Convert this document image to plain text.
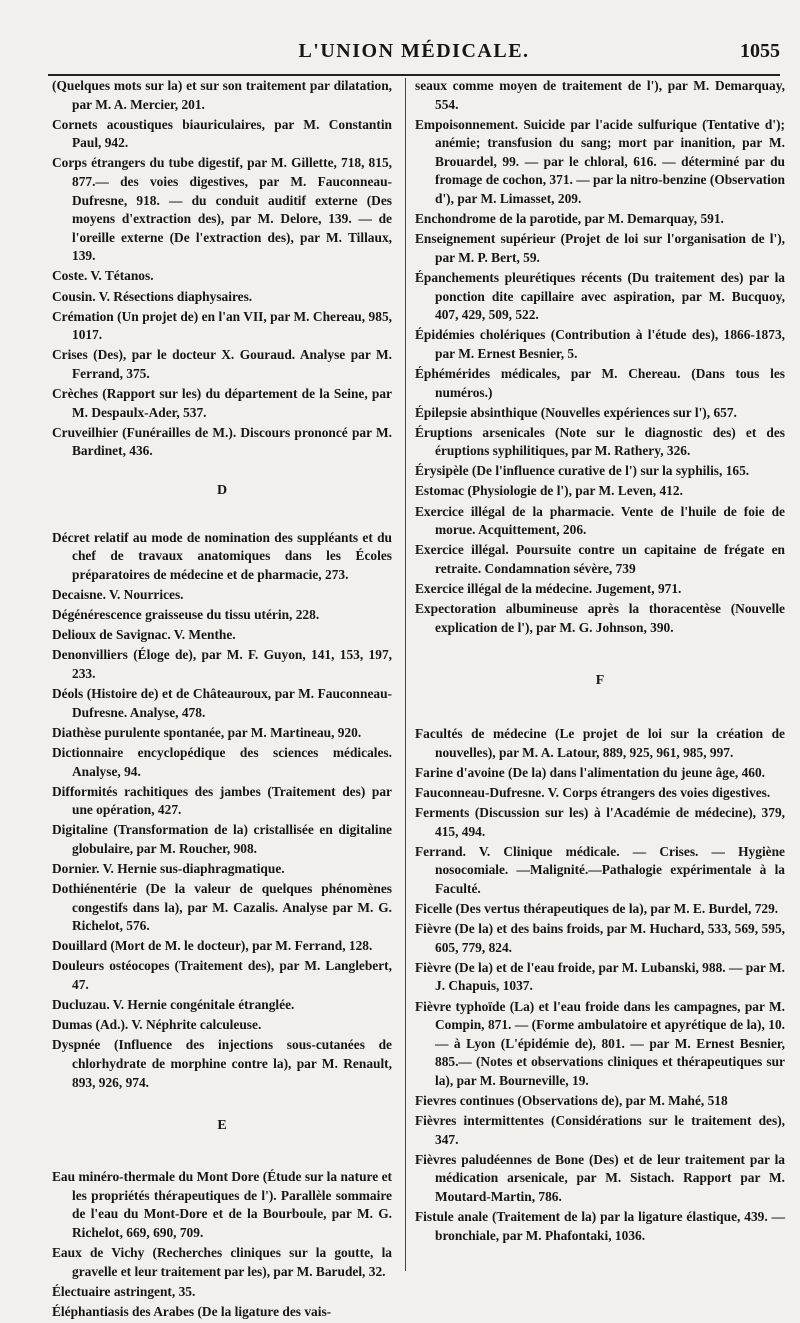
L'UNION MÉDICALE.	1055

(Quelques mots sur la) et sur son traitement par dilatation, par M. A. Mercier, 201.

Cornets acoustiques biauriculaires, par M. Constantin Paul, 942.

Corps étrangers du tube digestif, par M. Gillette, 718, 815, 877.— des voies digestives, par M. Fauconneau-Dufresne, 918. — du conduit auditif externe (Des moyens d'extraction des), par M. Delore, 139. — de l'oreille externe (De l'extraction des), par M. Tillaux, 139.

Coste. V. Tétanos.

Cousin. V. Résections diaphysaires.

Crémation (Un projet de) en l'an VII, par M. Chereau, 985, 1017.

Crises (Des), par le docteur X. Gouraud. Analyse par M. Ferrand, 375.

Crèches (Rapport sur les) du département de la Seine, par M. Despaulx-Ader, 537.

Cruveilhier (Funérailles de M.). Discours prononcé par M. Bardinet, 436.

D

Décret relatif au mode de nomination des suppléants et du chef de travaux anatomiques dans les Écoles préparatoires de médecine et de pharmacie, 273.

Decaisne. V. Nourrices.

Dégénérescence graisseuse du tissu utérin, 228.

Delioux de Savignac. V. Menthe.

Denonvilliers (Éloge de), par M. F. Guyon, 141, 153, 197, 233.

Déols (Histoire de) et de Châteauroux, par M. Fauconneau-Dufresne. Analyse, 478.

Diathèse purulente spontanée, par M. Martineau, 920.

Dictionnaire encyclopédique des sciences médicales. Analyse, 94.

Difformités rachitiques des jambes (Traitement des) par une opération, 427.

Digitaline (Transformation de la) cristallisée en digitaline globulaire, par M. Roucher, 908.

Dornier. V. Hernie sus-diaphragmatique.

Dothiénentérie (De la valeur de quelques phénomènes congestifs dans la), par M. Cazalis. Analyse par M. G. Richelot, 576.

Douillard (Mort de M. le docteur), par M. Ferrand, 128.

Douleurs ostéocopes (Traitement des), par M. Langlebert, 47.

Ducluzau. V. Hernie congénitale étranglée.

Dumas (Ad.). V. Néphrite calculeuse.

Dyspnée (Influence des injections sous-cutanées de chlorhydrate de morphine contre la), par M. Renault, 893, 926, 974.

E

Eau minéro-thermale du Mont Dore (Étude sur la nature et les propriétés thérapeutiques de l'). Parallèle sommaire de l'eau du Mont-Dore et de la Bourboule, par M. G. Richelot, 669, 690, 709.

Eaux de Vichy (Recherches cliniques sur la goutte, la gravelle et leur traitement par les), par M. Barudel, 32.

Électuaire astringent, 35.

Éléphantiasis des Arabes (De la ligature des vais-

seaux comme moyen de traitement de l'), par M. Demarquay, 554.

Empoisonnement. Suicide par l'acide sulfurique (Tentative d'); anémie; transfusion du sang; mort par inanition, par M. Brouardel, 99. — par le chloral, 616. — déterminé par du fromage de cochon, 371. — par la nitro-benzine (Observation d'), par M. Limasset, 209.

Enchondrome de la parotide, par M. Demarquay, 591.

Enseignement supérieur (Projet de loi sur l'organisation de l'), par M. P. Bert, 59.

Épanchements pleurétiques récents (Du traitement des) par la ponction dite capillaire avec aspiration, par M. Bucquoy, 407, 429, 509, 522.

Épidémies cholériques (Contribution à l'étude des), 1866-1873, par M. Ernest Besnier, 5.

Éphémérides médicales, par M. Chereau. (Dans tous les numéros.)

Épilepsie absinthique (Nouvelles expériences sur l'), 657.

Éruptions arsenicales (Note sur le diagnostic des) et des éruptions syphilitiques, par M. Rathery, 326.

Érysipèle (De l'influence curative de l') sur la syphilis, 165.

Estomac (Physiologie de l'), par M. Leven, 412.

Exercice illégal de la pharmacie. Vente de l'huile de foie de morue. Acquittement, 206.

Exercice illégal. Poursuite contre un capitaine de frégate en retraite. Condamnation sévère, 739

Exercice illégal de la médecine. Jugement, 971.

Expectoration albumineuse après la thoracentèse (Nouvelle explication de l'), par M. G. Johnson, 390.

F

Facultés de médecine (Le projet de loi sur la création de nouvelles), par M. A. Latour, 889, 925, 961, 985, 997.

Farine d'avoine (De la) dans l'alimentation du jeune âge, 460.

Fauconneau-Dufresne. V. Corps étrangers des voies digestives.

Ferments (Discussion sur les) à l'Académie de médecine), 379, 415, 494.

Ferrand. V. Clinique médicale. — Crises. — Hygiène nosocomiale. —Malignité.—Pathalogie expérimentale à la Faculté.

Ficelle (Des vertus thérapeutiques de la), par M. E. Burdel, 729.

Fièvre (De la) et des bains froids, par M. Huchard, 533, 569, 595, 605, 779, 824.

Fièvre (De la) et de l'eau froide, par M. Lubanski, 988. — par M. J. Chapuis, 1037.

Fièvre typhoïde (La) et l'eau froide dans les campagnes, par M. Compin, 871. — (Forme ambulatoire et apyrétique de la), 10. — à Lyon (L'épidémie de), 801. — par M. Ernest Besnier, 885.— (Notes et observations cliniques et thérapeutiques sur la), par M. Bourneville, 19.

Fievres continues (Observations de), par M. Mahé, 518

Fièvres intermittentes (Considérations sur le traitement des), 347.

Fièvres paludéennes de Bone (Des) et de leur traitement par la médication arsenicale, par M. Sistach. Rapport par M. Moutard-Martin, 786.

Fistule anale (Traitement de la) par la ligature élastique, 439. — bronchiale, par M. Phafontaki, 1036.
